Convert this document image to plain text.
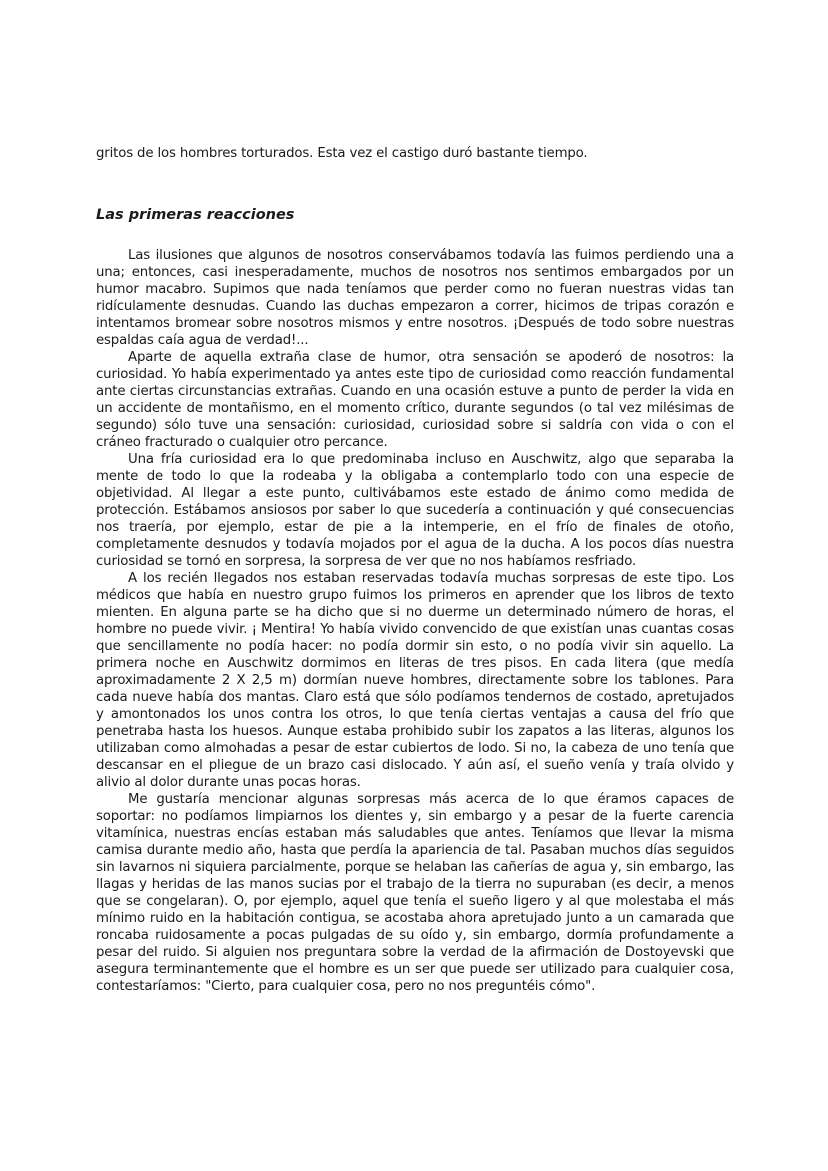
gritos de los hombres torturados. Esta vez el castigo duró bastante tiempo.

Las primeras reacciones

Las ilusiones que algunos de nosotros conservábamos todavía las fuimos perdiendo una a una; entonces, casi inesperadamente, muchos de nosotros nos sentimos embargados por un humor macabro. Supimos que nada teníamos que perder como no fueran nuestras vidas tan ridículamente desnudas. Cuando las duchas empezaron a correr, hicimos de tripas corazón e intentamos bromear sobre nosotros mismos y entre nosotros. ¡Después de todo sobre nuestras espaldas caía agua de verdad!...

Aparte de aquella extraña clase de humor, otra sensación se apoderó de nosotros: la curiosidad. Yo había experimentado ya antes este tipo de curiosidad como reacción fundamental ante ciertas circunstancias extrañas. Cuando en una ocasión estuve a punto de perder la vida en un accidente de montañismo, en el momento crítico, durante segundos (o tal vez milésimas de segundo) sólo tuve una sensación: curiosidad, curiosidad sobre si saldría con vida o con el cráneo fracturado o cualquier otro percance.

Una fría curiosidad era lo que predominaba incluso en Auschwitz, algo que separaba la mente de todo lo que la rodeaba y la obligaba a contemplarlo todo con una especie de objetividad. Al llegar a este punto, cultivábamos este estado de ánimo como medida de protección. Estábamos ansiosos por saber lo que sucedería a continuación y qué consecuencias nos traería, por ejemplo, estar de pie a la intemperie, en el frío de finales de otoño, completamente desnudos y todavía mojados por el agua de la ducha. A los pocos días nuestra curiosidad se tornó en sorpresa, la sorpresa de ver que no nos habíamos resfriado.

A los recién llegados nos estaban reservadas todavía muchas sorpresas de este tipo. Los médicos que había en nuestro grupo fuimos los primeros en aprender que los libros de texto mienten. En alguna parte se ha dicho que si no duerme un determinado número de horas, el hombre no puede vivir. ¡ Mentira! Yo había vivido convencido de que existían unas cuantas cosas que sencillamente no podía hacer: no podía dormir sin esto, o no podía vivir sin aquello. La primera noche en Auschwitz dormimos en literas de tres pisos. En cada litera (que medía aproximadamente 2 X 2,5 m) dormían nueve hombres, directamente sobre los tablones. Para cada nueve había dos mantas. Claro está que sólo podíamos tendernos de costado, apretujados y amontonados los unos contra los otros, lo que tenía ciertas ventajas a causa del frío que penetraba hasta los huesos. Aunque estaba prohibido subir los zapatos a las literas, algunos los utilizaban como almohadas a pesar de estar cubiertos de lodo. Si no, la cabeza de uno tenía que descansar en el pliegue de un brazo casi dislocado. Y aún así, el sueño venía y traía olvido y alivio al dolor durante unas pocas horas.

Me gustaría mencionar algunas sorpresas más acerca de lo que éramos capaces de soportar: no podíamos limpiarnos los dientes y, sin embargo y a pesar de la fuerte carencia vitamínica, nuestras encías estaban más saludables que antes. Teníamos que llevar la misma camisa durante medio año, hasta que perdía la apariencia de tal. Pasaban muchos días seguidos sin lavarnos ni siquiera parcialmente, porque se helaban las cañerías de agua y, sin embargo, las llagas y heridas de las manos sucias por el trabajo de la tierra no supuraban (es decir, a menos que se congelaran). O, por ejemplo, aquel que tenía el sueño ligero y al que molestaba el más mínimo ruido en la habitación contigua, se acostaba ahora apretujado junto a un camarada que roncaba ruidosamente a pocas pulgadas de su oído y, sin embargo, dormía profundamente a pesar del ruido. Si alguien nos preguntara sobre la verdad de la afirmación de Dostoyevski que asegura terminantemente que el hombre es un ser que puede ser utilizado para cualquier cosa, contestaríamos: "Cierto, para cualquier cosa, pero no nos preguntéis cómo".
